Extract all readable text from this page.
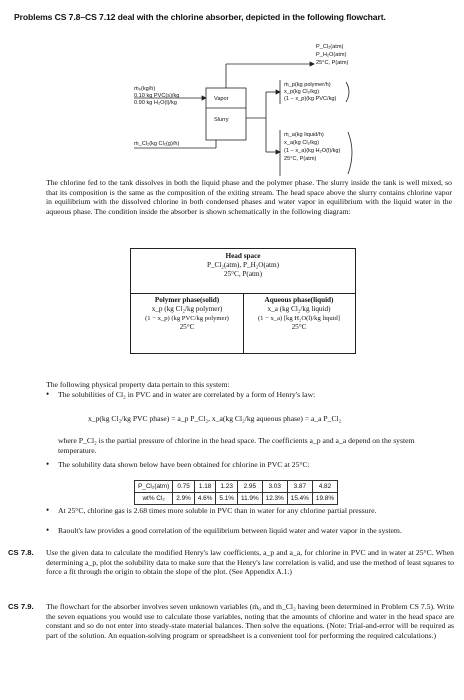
Problems CS 7.8–CS 7.12 deal with the chlorine absorber, depicted in the following flowchart.
ṁ₀(kg/h)
0.10 kg PVC(s)/kg
0.90 kg H₂O(l)/kg
ṁ_Cl₂(kg Cl₂(g)/h)
Vapor
Slurry
P_Cl₂(atm)
P_H₂O(atm)
25°C, P(atm)
ṁ_p(kg polymer/h)
x_p(kg Cl₂/kg)
(1 − x_p)(kg PVC/kg)
ṁ_a(kg liquid/h)
x_a(kg Cl₂/kg)
(1 − x_a)(kg H₂O(l)/kg)
25°C, P(atm)
The chlorine fed to the tank dissolves in both the liquid phase and the polymer phase. The slurry inside the tank is well mixed, so that its composition is the same as the composition of the exiting stream. The head space above the slurry contains chlorine vapor in equilibrium with the dissolved chlorine in both condensed phases and water vapor in equilibrium with the liquid water in the aqueous phase. The condition inside the absorber is shown schematically in the following diagram:
Head space
P_Cl₂(atm), P_H₂O(atm)
25°C, P(atm)
Polymer phase(solid)
x_p (kg Cl₂/kg polymer)
(1 − x_p) (kg PVC/kg polymer)
25°C
Aqueous phase(liquid)
x_a (kg Cl₂/kg liquid)
(1 − x_a) [kg H₂O(l)/kg liquid]
25°C
The following physical property data pertain to this system:
• The solubilities of Cl₂ in PVC and in water are correlated by a form of Henry's law:
x_p(kg Cl₂/kg PVC phase) = a_p P_Cl₂, x_a(kg Cl₂/kg aqueous phase) = a_a P_Cl₂
where P_Cl₂ is the partial pressure of chlorine in the head space. The coefficients a_p and a_a depend on the system temperature.
• The solubility data shown below have been obtained for chlorine in PVC at 25°C:
P_Cl₂(atm)	0.75	1.18	1.23	2.95	3.03	3.87	4.82
wt% Cl₂	2.9%	4.6%	5.1%	11.9%	12.3%	15.4%	19.8%
• At 25°C, chlorine gas is 2.68 times more soluble in PVC than in water for any chlorine partial pressure.
• Raoult's law provides a good correlation of the equilibrium between liquid water and water vapor in the system.
CS 7.8. Use the given data to calculate the modified Henry's law coefficients, a_p and a_a, for chlorine in PVC and in water at 25°C. When determining a_p, plot the solubility data to make sure that the Henry's law correlation is valid, and use the method of least squares to force a fit through the origin to obtain the slope of the plot. (See Appendix A.1.)
CS 7.9. The flowchart for the absorber involves seven unknown variables (ṁ₀ and ṁ_Cl₂ having been determined in Problem CS 7.5). Write the seven equations you would use to calculate those variables, noting that the amounts of chlorine and water in the head space are constant and so do not enter into steady-state material balances. Then solve the equations. (Note: Trial-and-error will be required as part of the solution. An equation-solving program or spreadsheet is a convenient tool for performing the required calculations.)
